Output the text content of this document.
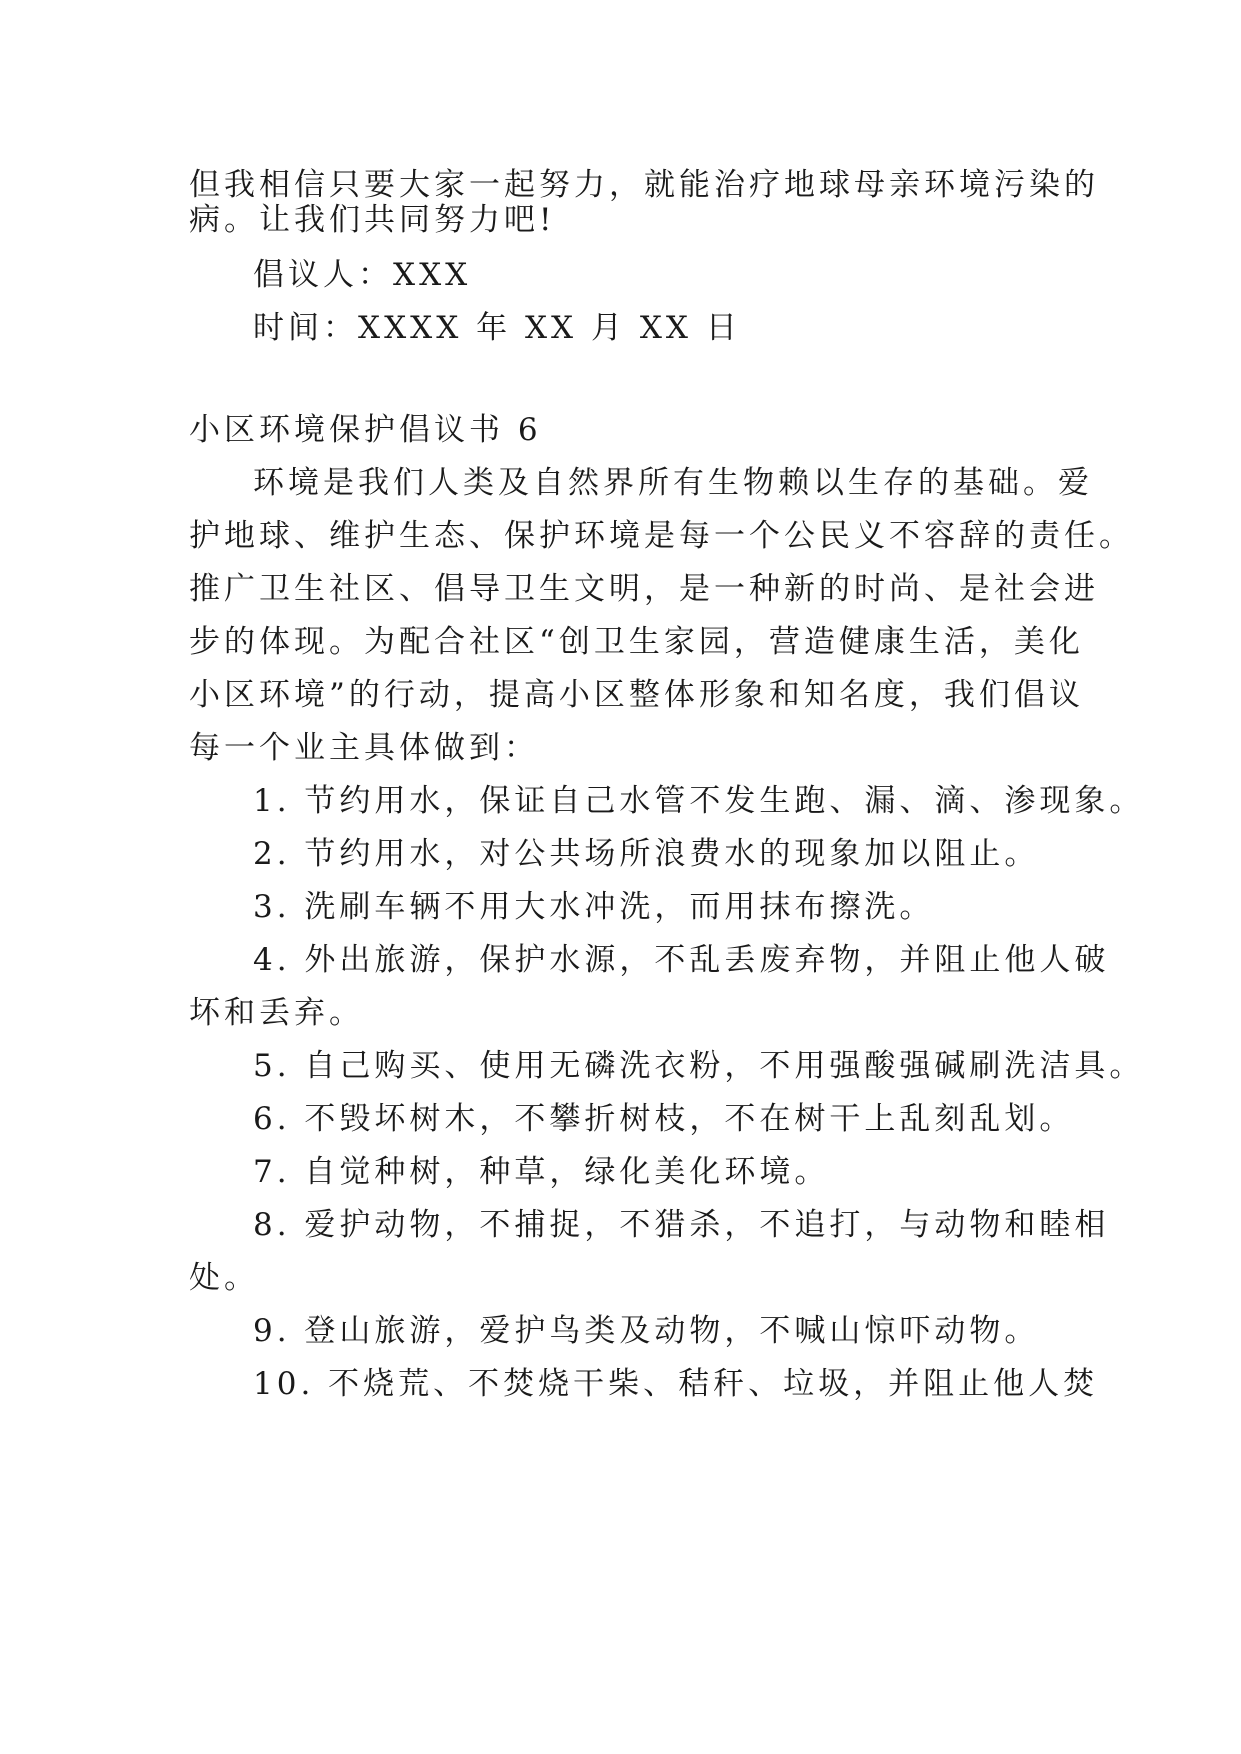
但我相信只要大家一起努力，就能治疗地球母亲环境污染的
病。让我们共同努力吧!
倡议人：XXX
时间：XXXX 年 XX 月 XX 日
小区环境保护倡议书 6
环境是我们人类及自然界所有生物赖以生存的基础。爱
护地球、维护生态、保护环境是每一个公民义不容辞的责任。
推广卫生社区、倡导卫生文明，是一种新的时尚、是社会进
步的体现。为配合社区“创卫生家园，营造健康生活，美化
小区环境”的行动，提高小区整体形象和知名度，我们倡议
每一个业主具体做到：
1. 节约用水，保证自己水管不发生跑、漏、滴、渗现象。
2. 节约用水，对公共场所浪费水的现象加以阻止。
3. 洗刷车辆不用大水冲洗，而用抹布擦洗。
4. 外出旅游，保护水源，不乱丢废弃物，并阻止他人破
坏和丢弃。
5. 自己购买、使用无磷洗衣粉，不用强酸强碱刷洗洁具。
6. 不毁坏树木，不攀折树枝，不在树干上乱刻乱划。
7. 自觉种树，种草，绿化美化环境。
8. 爱护动物，不捕捉，不猎杀，不追打，与动物和睦相
处。
9. 登山旅游，爱护鸟类及动物，不喊山惊吓动物。
10. 不烧荒、不焚烧干柴、秸秆、垃圾，并阻止他人焚
